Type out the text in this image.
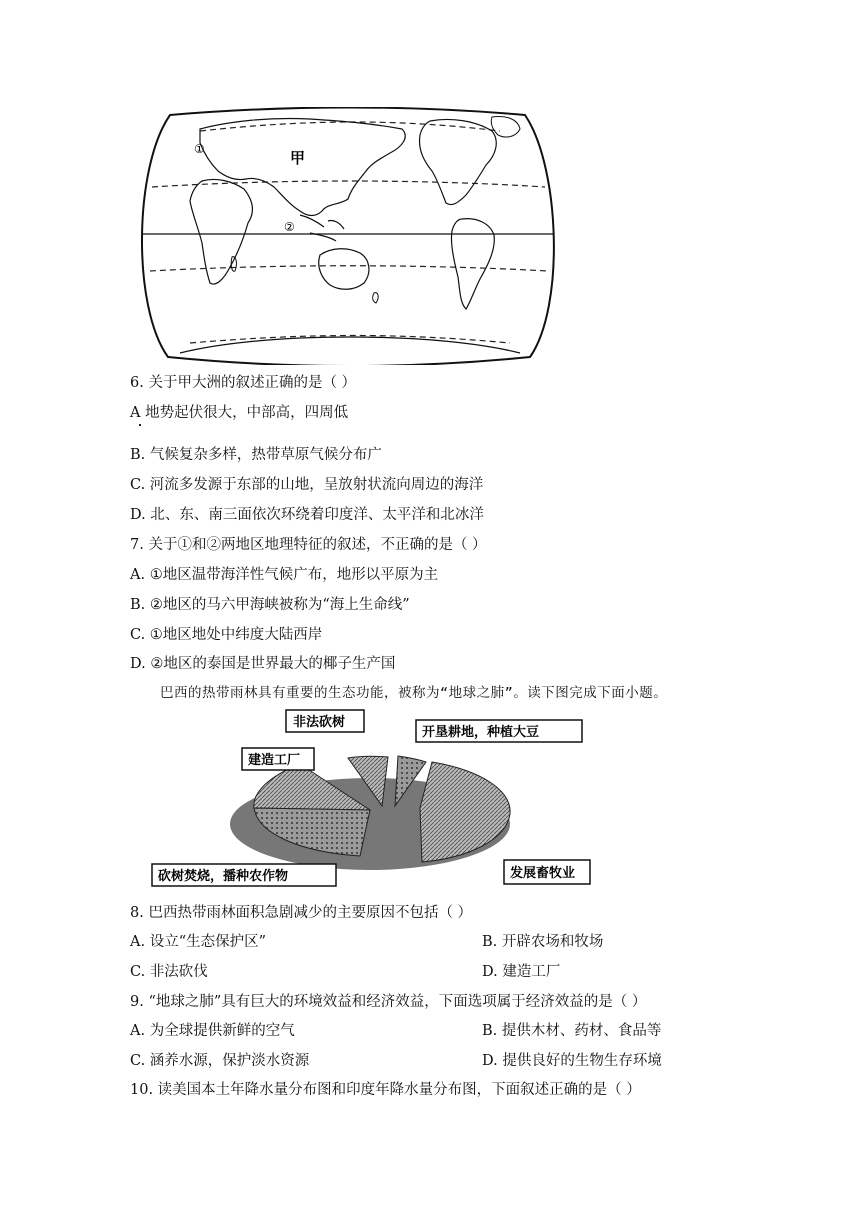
甲
①
②
6. 关于甲大洲的叙述正确的是（ ）
A 地势起伏很大，中部高，四周低
B. 气候复杂多样，热带草原气候分布广
C. 河流多发源于东部的山地，呈放射状流向周边的海洋
D. 北、东、南三面依次环绕着印度洋、太平洋和北冰洋
7. 关于①和②两地区地理特征的叙述，不正确的是（ ）
A. ①地区温带海洋性气候广布，地形以平原为主
B. ②地区的马六甲海峡被称为“海上生命线”
C. ①地区地处中纬度大陆西岸
D. ②地区的泰国是世界最大的椰子生产国
巴西的热带雨林具有重要的生态功能，被称为“地球之肺”。读下图完成下面小题。
非法砍树
开垦耕地，种植大豆
建造工厂
砍树焚烧，播种农作物	发展畜牧业
8. 巴西热带雨林面积急剧减少的主要原因不包括（ ）
A. 设立“生态保护区”	B. 开辟农场和牧场
C. 非法砍伐	D. 建造工厂
9. “地球之肺”具有巨大的环境效益和经济效益，下面选项属于经济效益的是（ ）
A. 为全球提供新鲜的空气	B. 提供木材、药材、食品等
C. 涵养水源，保护淡水资源	D. 提供良好的生物生存环境
10. 读美国本土年降水量分布图和印度年降水量分布图，下面叙述正确的是（ ）
